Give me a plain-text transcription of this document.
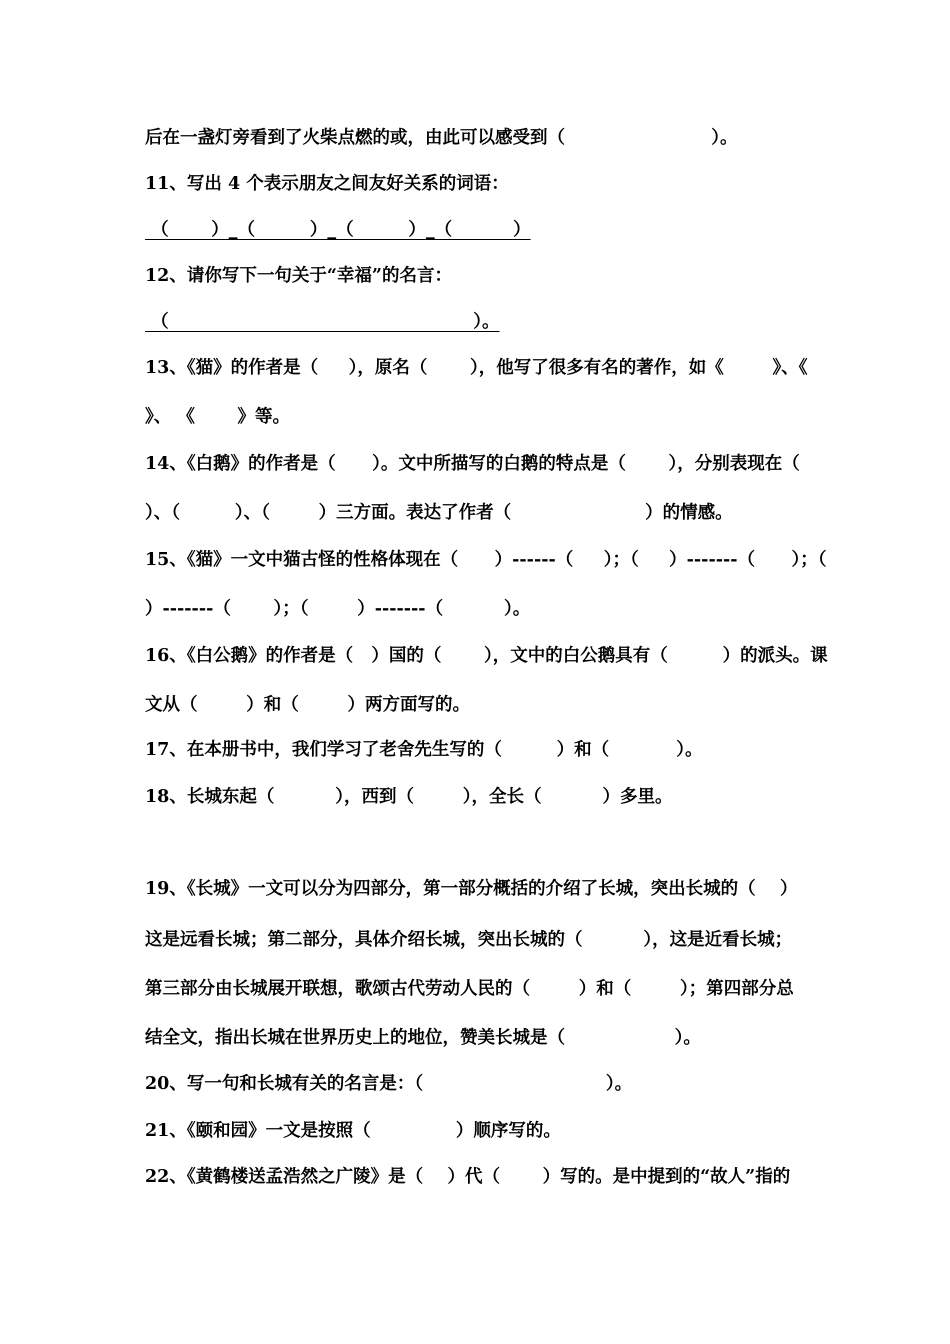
后在一盏灯旁看到了火柴点燃的或，由此可以感受到（                        ）。
11、写出 4 个表示朋友之间友好关系的词语：
（       ）_（         ）_（         ）_（          ）
12、请你写下一句关于“幸福”的名言：
（                                                  ）。
13、《猫》的作者是（     ），原名（       ），他写了很多有名的著作，如《        》、《
》、 《       》等。
14、《白鹅》的作者是（      ）。文中所描写的白鹅的特点是（       ），分别表现在（
）、（         ）、（        ）三方面。表达了作者（                      ）的情感。
15、《猫》一文中猫古怪的性格体现在（      ）------（     ）；（     ）-------（      ）；（
）-------（       ）；（        ）-------（          ）。
16、《白公鹅》的作者是（   ）国的（       ），文中的白公鹅具有（         ）的派头。课
文从（        ）和（        ）两方面写的。
17、在本册书中，我们学习了老舍先生写的（         ）和（           ）。
18、长城东起（          ），西到（        ），全长（          ）多里。
19、《长城》一文可以分为四部分，第一部分概括的介绍了长城，突出长城的（    ）
这是远看长城；第二部分，具体介绍长城，突出长城的（          ），这是近看长城；
第三部分由长城展开联想，歌颂古代劳动人民的（        ）和（        ）；第四部分总
结全文，指出长城在世界历史上的地位，赞美长城是（                  ）。
20、写一句和长城有关的名言是：（                              ）。
21、《颐和园》一文是按照（              ）顺序写的。
22、《黄鹤楼送孟浩然之广陵》是（    ）代（       ）写的。是中提到的“故人”指的
